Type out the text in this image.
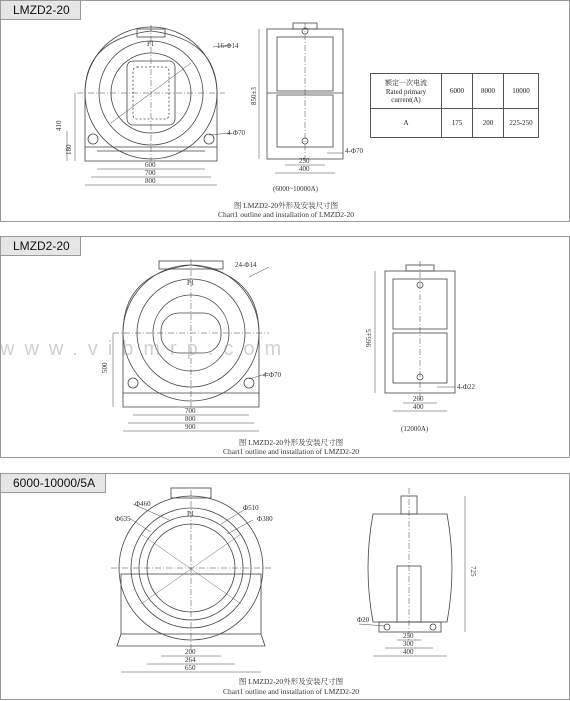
LMZD2-20
P1	16-Φ14
4-Φ70
600
700
800
410
180
850±3
4-Φ70
250
400
(6000~10000A)
图 LMZD2-20外形及安装尺寸图
Chart1 outline and installation of LMZD2-20
额定一次电流
Rated primary current(A)	6000	8000	10000
A	175	200	225-250
LMZD2-20
P1
24-Φ14
4-Φ70
700
800
900
500
965±5
4-Φ22
260
400
(12000A)
图 LMZD2-20外形及安装尺寸图
Chart1 outline and installation of LMZD2-20
www.vibmrp.com
6000-10000/5A
P1
Φ460
Φ635
Φ510
Φ380
200
264
650
725
Φ20
250
300
400
图 LMZD2-20外形及安装尺寸图
Chart1 outline and installation of LMZD2-20
